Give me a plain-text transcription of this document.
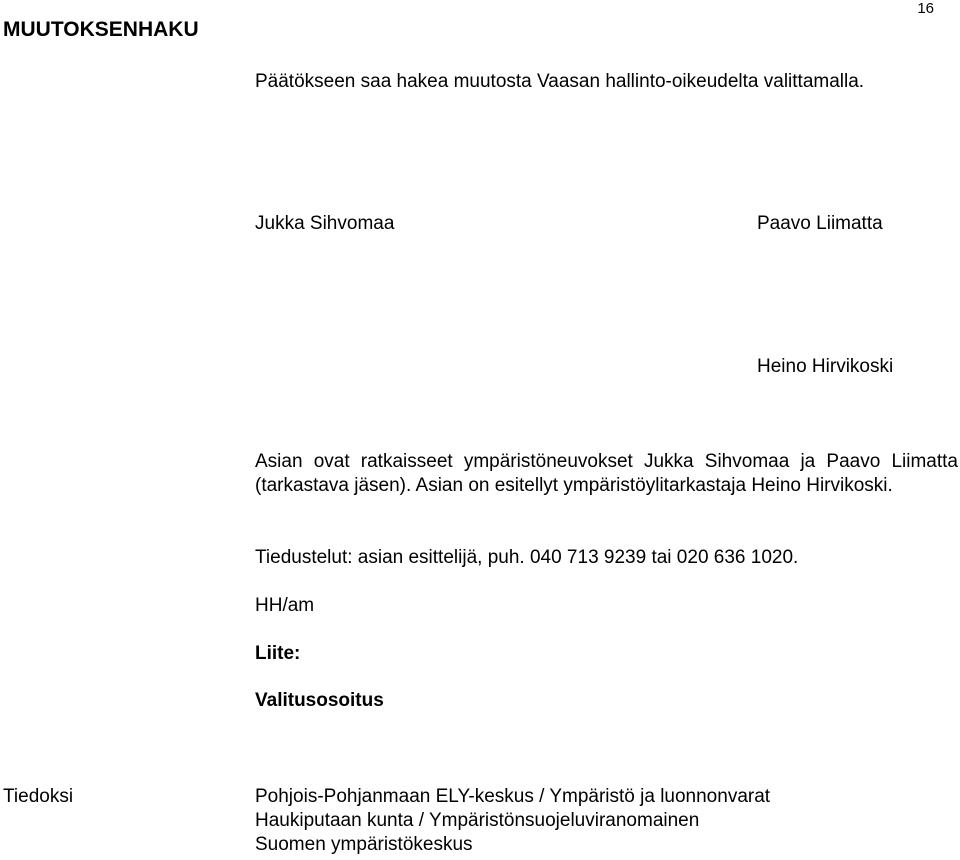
MUUTOKSENHAKU
16
Päätökseen saa hakea muutosta Vaasan hallinto-oikeudelta valittamalla.
Jukka Sihvomaa	Paavo Liimatta
Heino Hirvikoski
Asian ovat ratkaisseet ympäristöneuvokset Jukka Sihvomaa ja Paavo Liimatta (tarkastava jäsen). Asian on esitellyt ympäristöylitarkastaja Heino Hirvikoski.
Tiedustelut: asian esittelijä, puh. 040 713 9239 tai 020 636 1020.
HH/am
Liite:
Valitusosoitus
Tiedoksi	Pohjois-Pohjanmaan ELY-keskus / Ympäristö ja luonnonvarat
Haukiputaan kunta / Ympäristönsuojeluviranomainen
Suomen ympäristökeskus
